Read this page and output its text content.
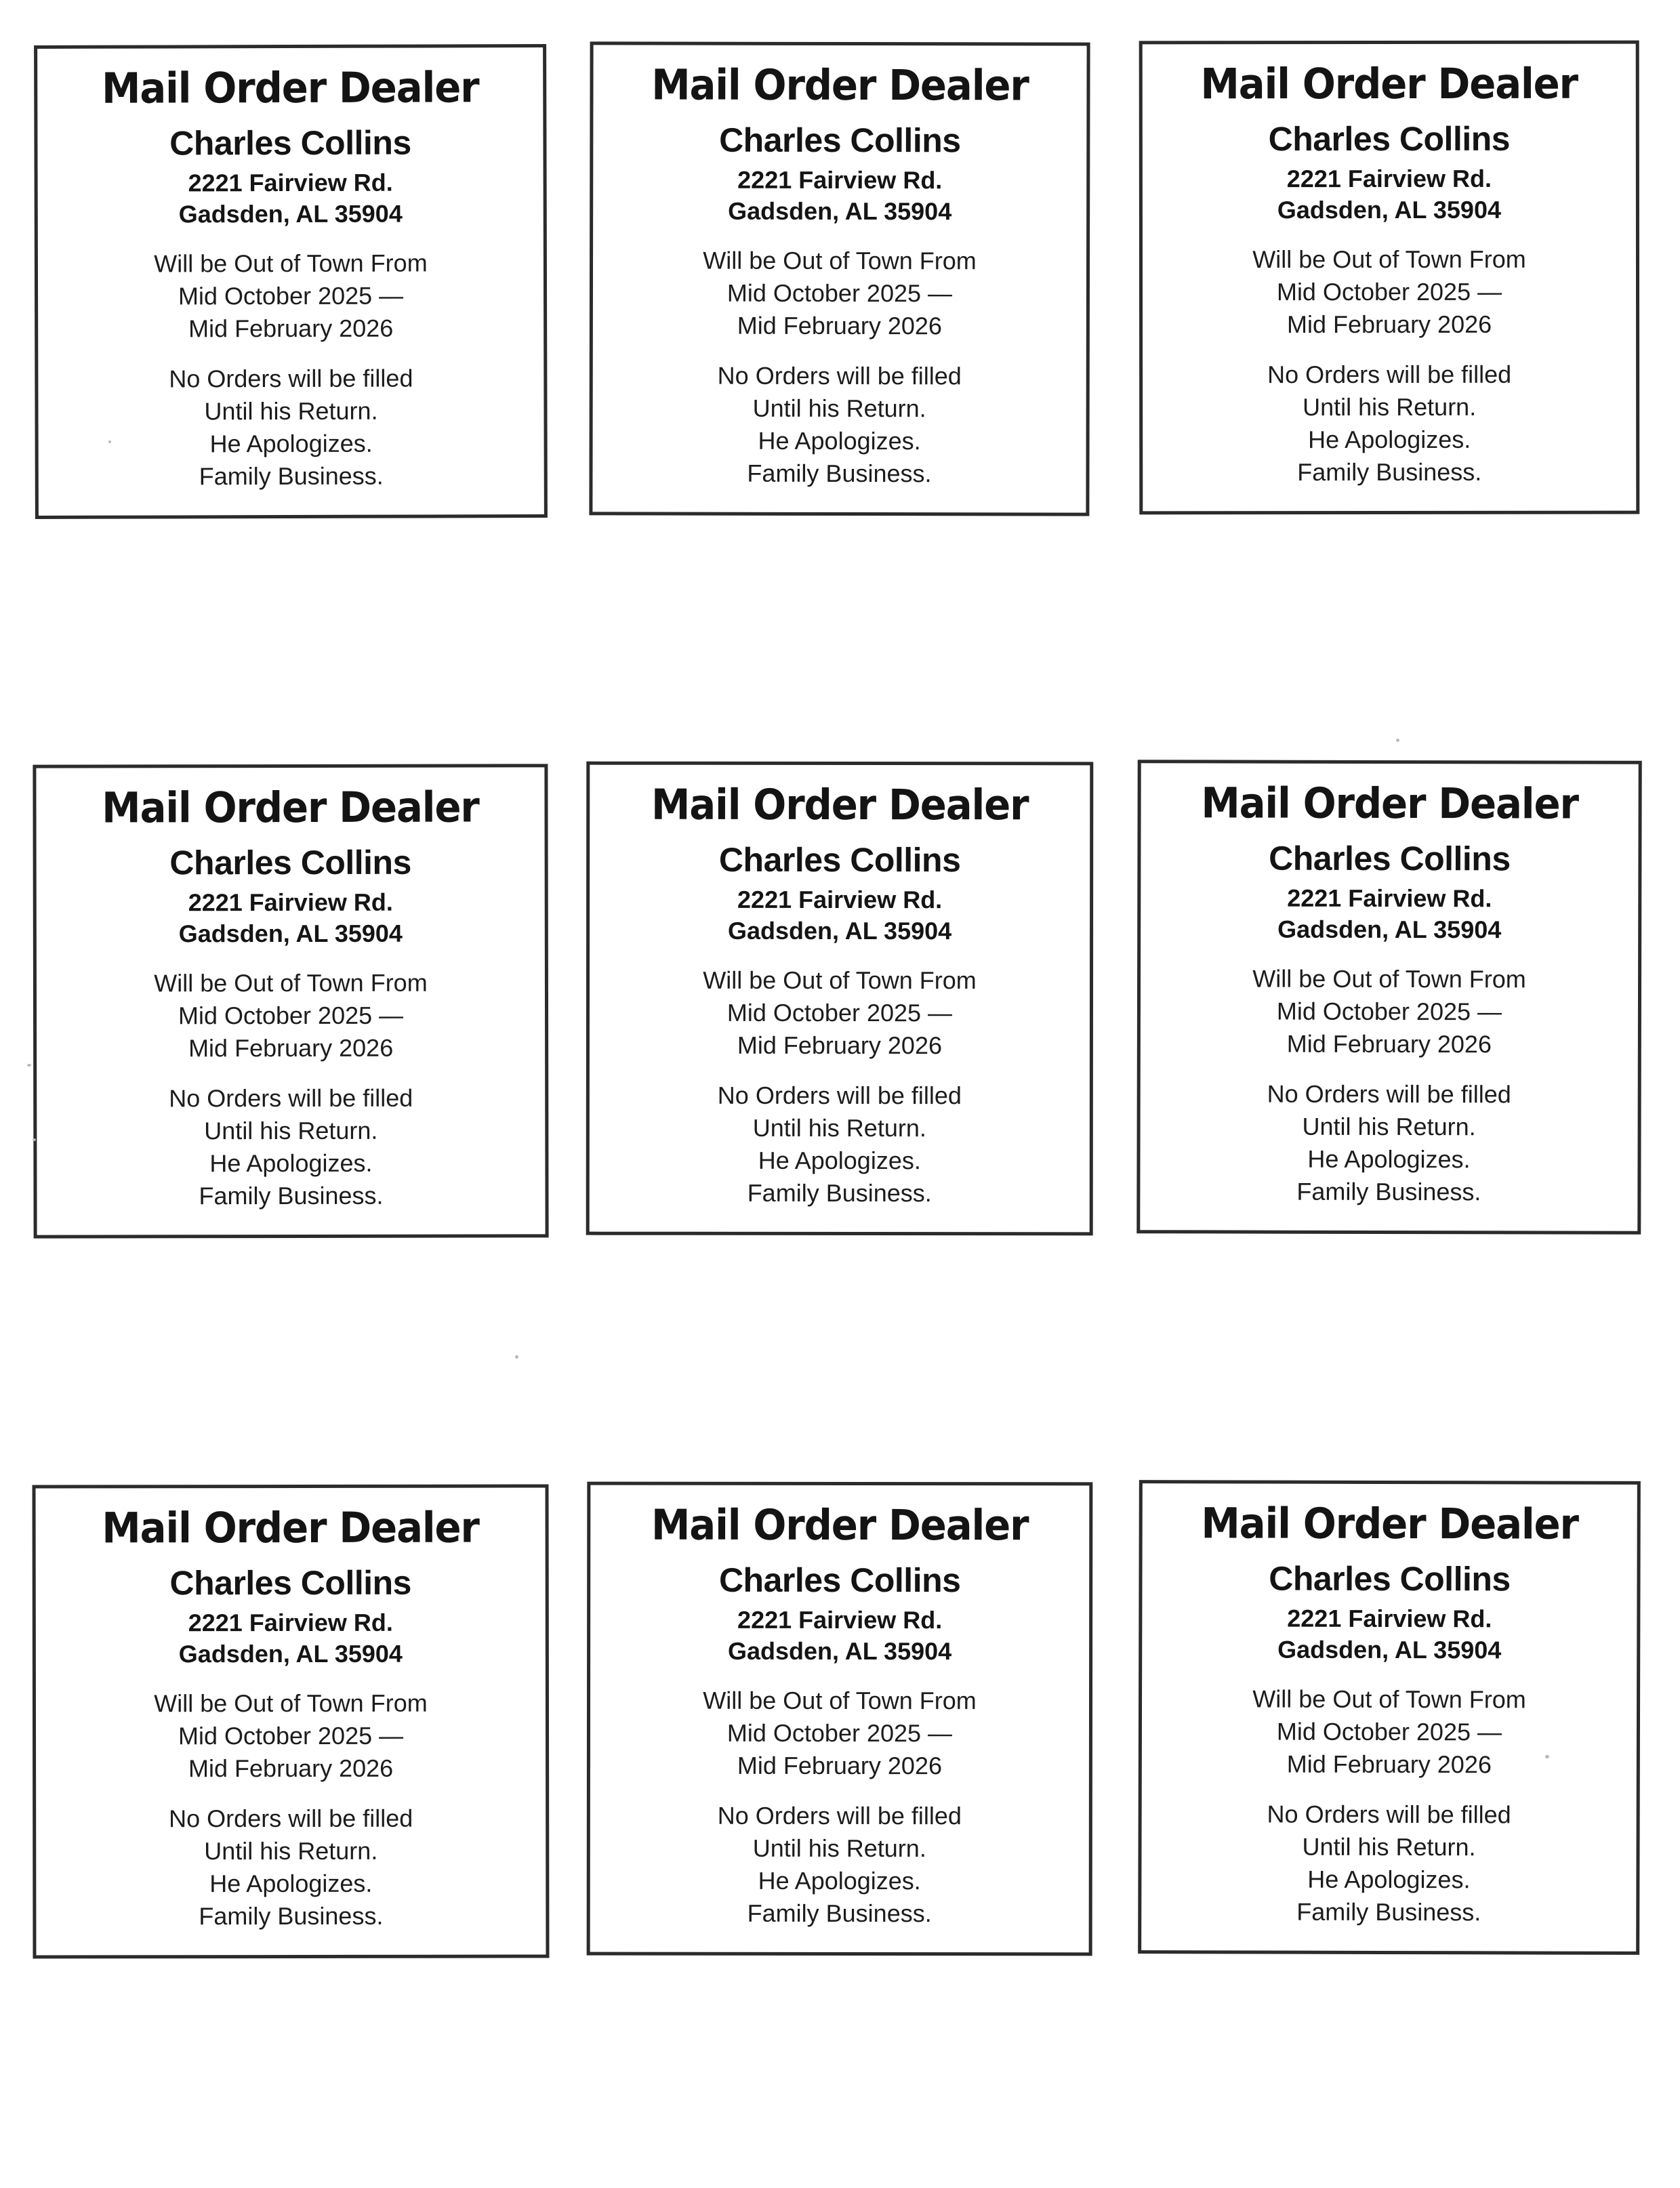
Mail Order Dealer
Charles Collins
2221 Fairview Rd.
Gadsden, AL 35904
Will be Out of Town From
Mid October 2025 —
Mid February 2026
No Orders will be filled
Until his Return.
He Apologizes.
Family Business.
Mail Order Dealer
Charles Collins
2221 Fairview Rd.
Gadsden, AL 35904
Will be Out of Town From
Mid October 2025 —
Mid February 2026
No Orders will be filled
Until his Return.
He Apologizes.
Family Business.
Mail Order Dealer
Charles Collins
2221 Fairview Rd.
Gadsden, AL 35904
Will be Out of Town From
Mid October 2025 —
Mid February 2026
No Orders will be filled
Until his Return.
He Apologizes.
Family Business.
Mail Order Dealer
Charles Collins
2221 Fairview Rd.
Gadsden, AL 35904
Will be Out of Town From
Mid October 2025 —
Mid February 2026
No Orders will be filled
Until his Return.
He Apologizes.
Family Business.
Mail Order Dealer
Charles Collins
2221 Fairview Rd.
Gadsden, AL 35904
Will be Out of Town From
Mid October 2025 —
Mid February 2026
No Orders will be filled
Until his Return.
He Apologizes.
Family Business.
Mail Order Dealer
Charles Collins
2221 Fairview Rd.
Gadsden, AL 35904
Will be Out of Town From
Mid October 2025 —
Mid February 2026
No Orders will be filled
Until his Return.
He Apologizes.
Family Business.
Mail Order Dealer
Charles Collins
2221 Fairview Rd.
Gadsden, AL 35904
Will be Out of Town From
Mid October 2025 —
Mid February 2026
No Orders will be filled
Until his Return.
He Apologizes.
Family Business.
Mail Order Dealer
Charles Collins
2221 Fairview Rd.
Gadsden, AL 35904
Will be Out of Town From
Mid October 2025 —
Mid February 2026
No Orders will be filled
Until his Return.
He Apologizes.
Family Business.
Mail Order Dealer
Charles Collins
2221 Fairview Rd.
Gadsden, AL 35904
Will be Out of Town From
Mid October 2025 —
Mid February 2026
No Orders will be filled
Until his Return.
He Apologizes.
Family Business.
